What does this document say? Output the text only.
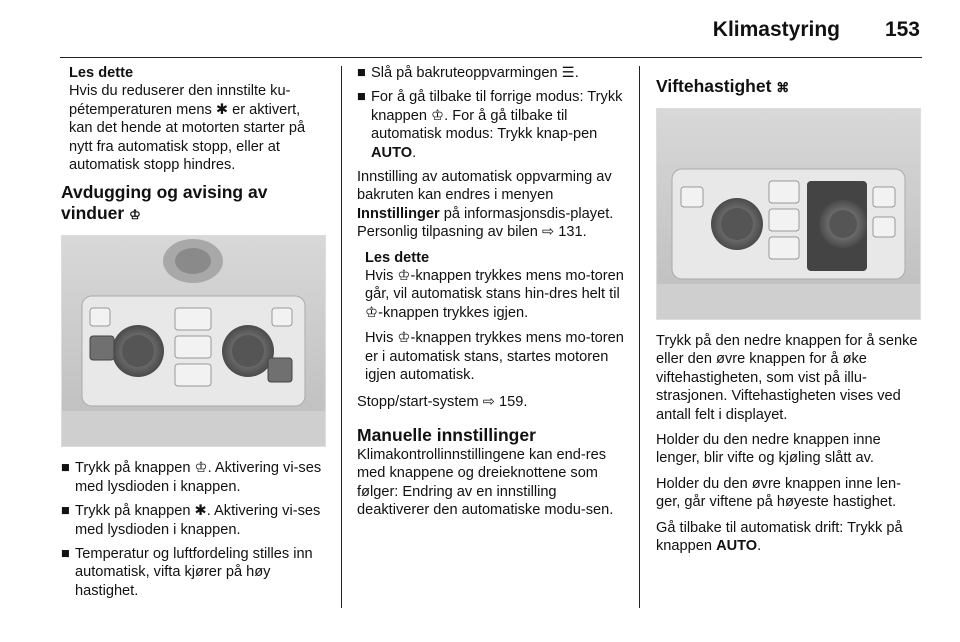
Klimastyring 153
Les dette
Hvis du reduserer den innstilte ku-pétemperaturen mens ✱ er aktivert, kan det hende at motorten starter på nytt fra automatisk stopp, eller at automatisk stopp hindres.
Avdugging og avising av
vinduer ♔
■ Trykk på knappen ♔. Aktivering vi-ses med lysdioden i knappen.
■ Trykk på knappen ✱. Aktivering vi-ses med lysdioden i knappen.
■ Temperatur og luftfordeling stilles inn automatisk, vifta kjører på høy hastighet.
■ Slå på bakruteoppvarmingen ☰.
■ For å gå tilbake til forrige modus: Trykk knappen ♔. For å gå tilbake til automatisk modus: Trykk knap-pen AUTO.

Innstilling av automatisk oppvarming av bakruten kan endres i menyen Innstillinger på informasjonsdis-playet. Personlig tilpasning av bilen ⇨ 131.

Les dette

Hvis ♔-knappen trykkes mens mo-toren går, vil automatisk stans hin-dres helt til ♔-knappen trykkes igjen.

Hvis ♔-knappen trykkes mens mo-toren er i automatisk stans, startes motoren igjen automatisk.

Stopp/start-system ⇨ 159.

Manuelle innstillinger

Klimakontrollinnstillingene kan end-res med knappene og dreieknottene som følger: Endring av en innstilling deaktiverer den automatiske modu-sen.

Viftehastighet ⌘

Trykk på den nedre knappen for å senke eller den øvre knappen for å øke viftehastigheten, som vist på illu-strasjonen. Viftehastigheten vises ved antall felt i displayet.

Holder du den nedre knappen inne lenger, blir vifte og kjøling slått av.

Holder du den øvre knappen inne len-ger, går viftene på høyeste hastighet.

Gå tilbake til automatisk drift: Trykk på knappen AUTO.
